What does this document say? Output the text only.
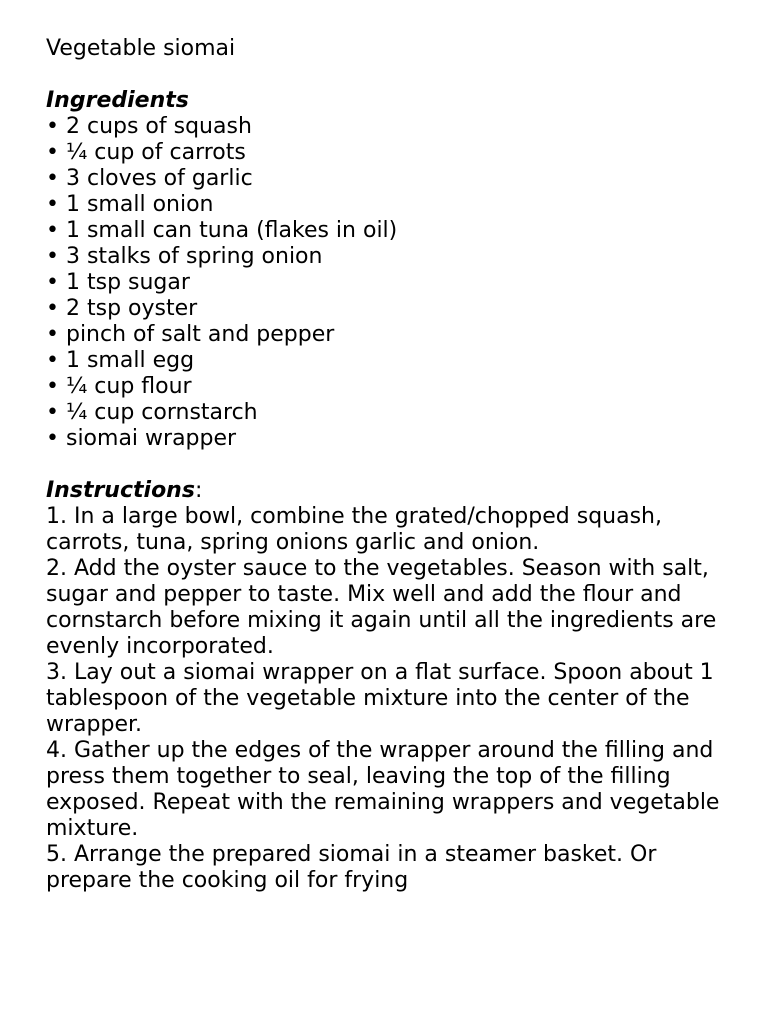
Vegetable siomai
Ingredients
• 2 cups of squash
• ¼ cup of carrots
• 3 cloves of garlic
• 1 small onion
• 1 small can tuna (flakes in oil)
• 3 stalks of spring onion
• 1 tsp sugar
• 2 tsp oyster
• pinch of salt and pepper
• 1 small egg
• ¼ cup flour
• ¼ cup cornstarch
• siomai wrapper
Instructions:
1. In a large bowl, combine the grated/chopped squash, carrots, tuna, spring onions garlic and onion.
2. Add the oyster sauce to the vegetables. Season with salt, sugar and pepper to taste. Mix well and add the flour and cornstarch before mixing it again until all the ingredients are evenly incorporated.
3. Lay out a siomai wrapper on a flat surface. Spoon about 1 tablespoon of the vegetable mixture into the center of the wrapper.
4. Gather up the edges of the wrapper around the filling and press them together to seal, leaving the top of the filling exposed. Repeat with the remaining wrappers and vegetable mixture.
5. Arrange the prepared siomai in a steamer basket. Or prepare the cooking oil for frying
